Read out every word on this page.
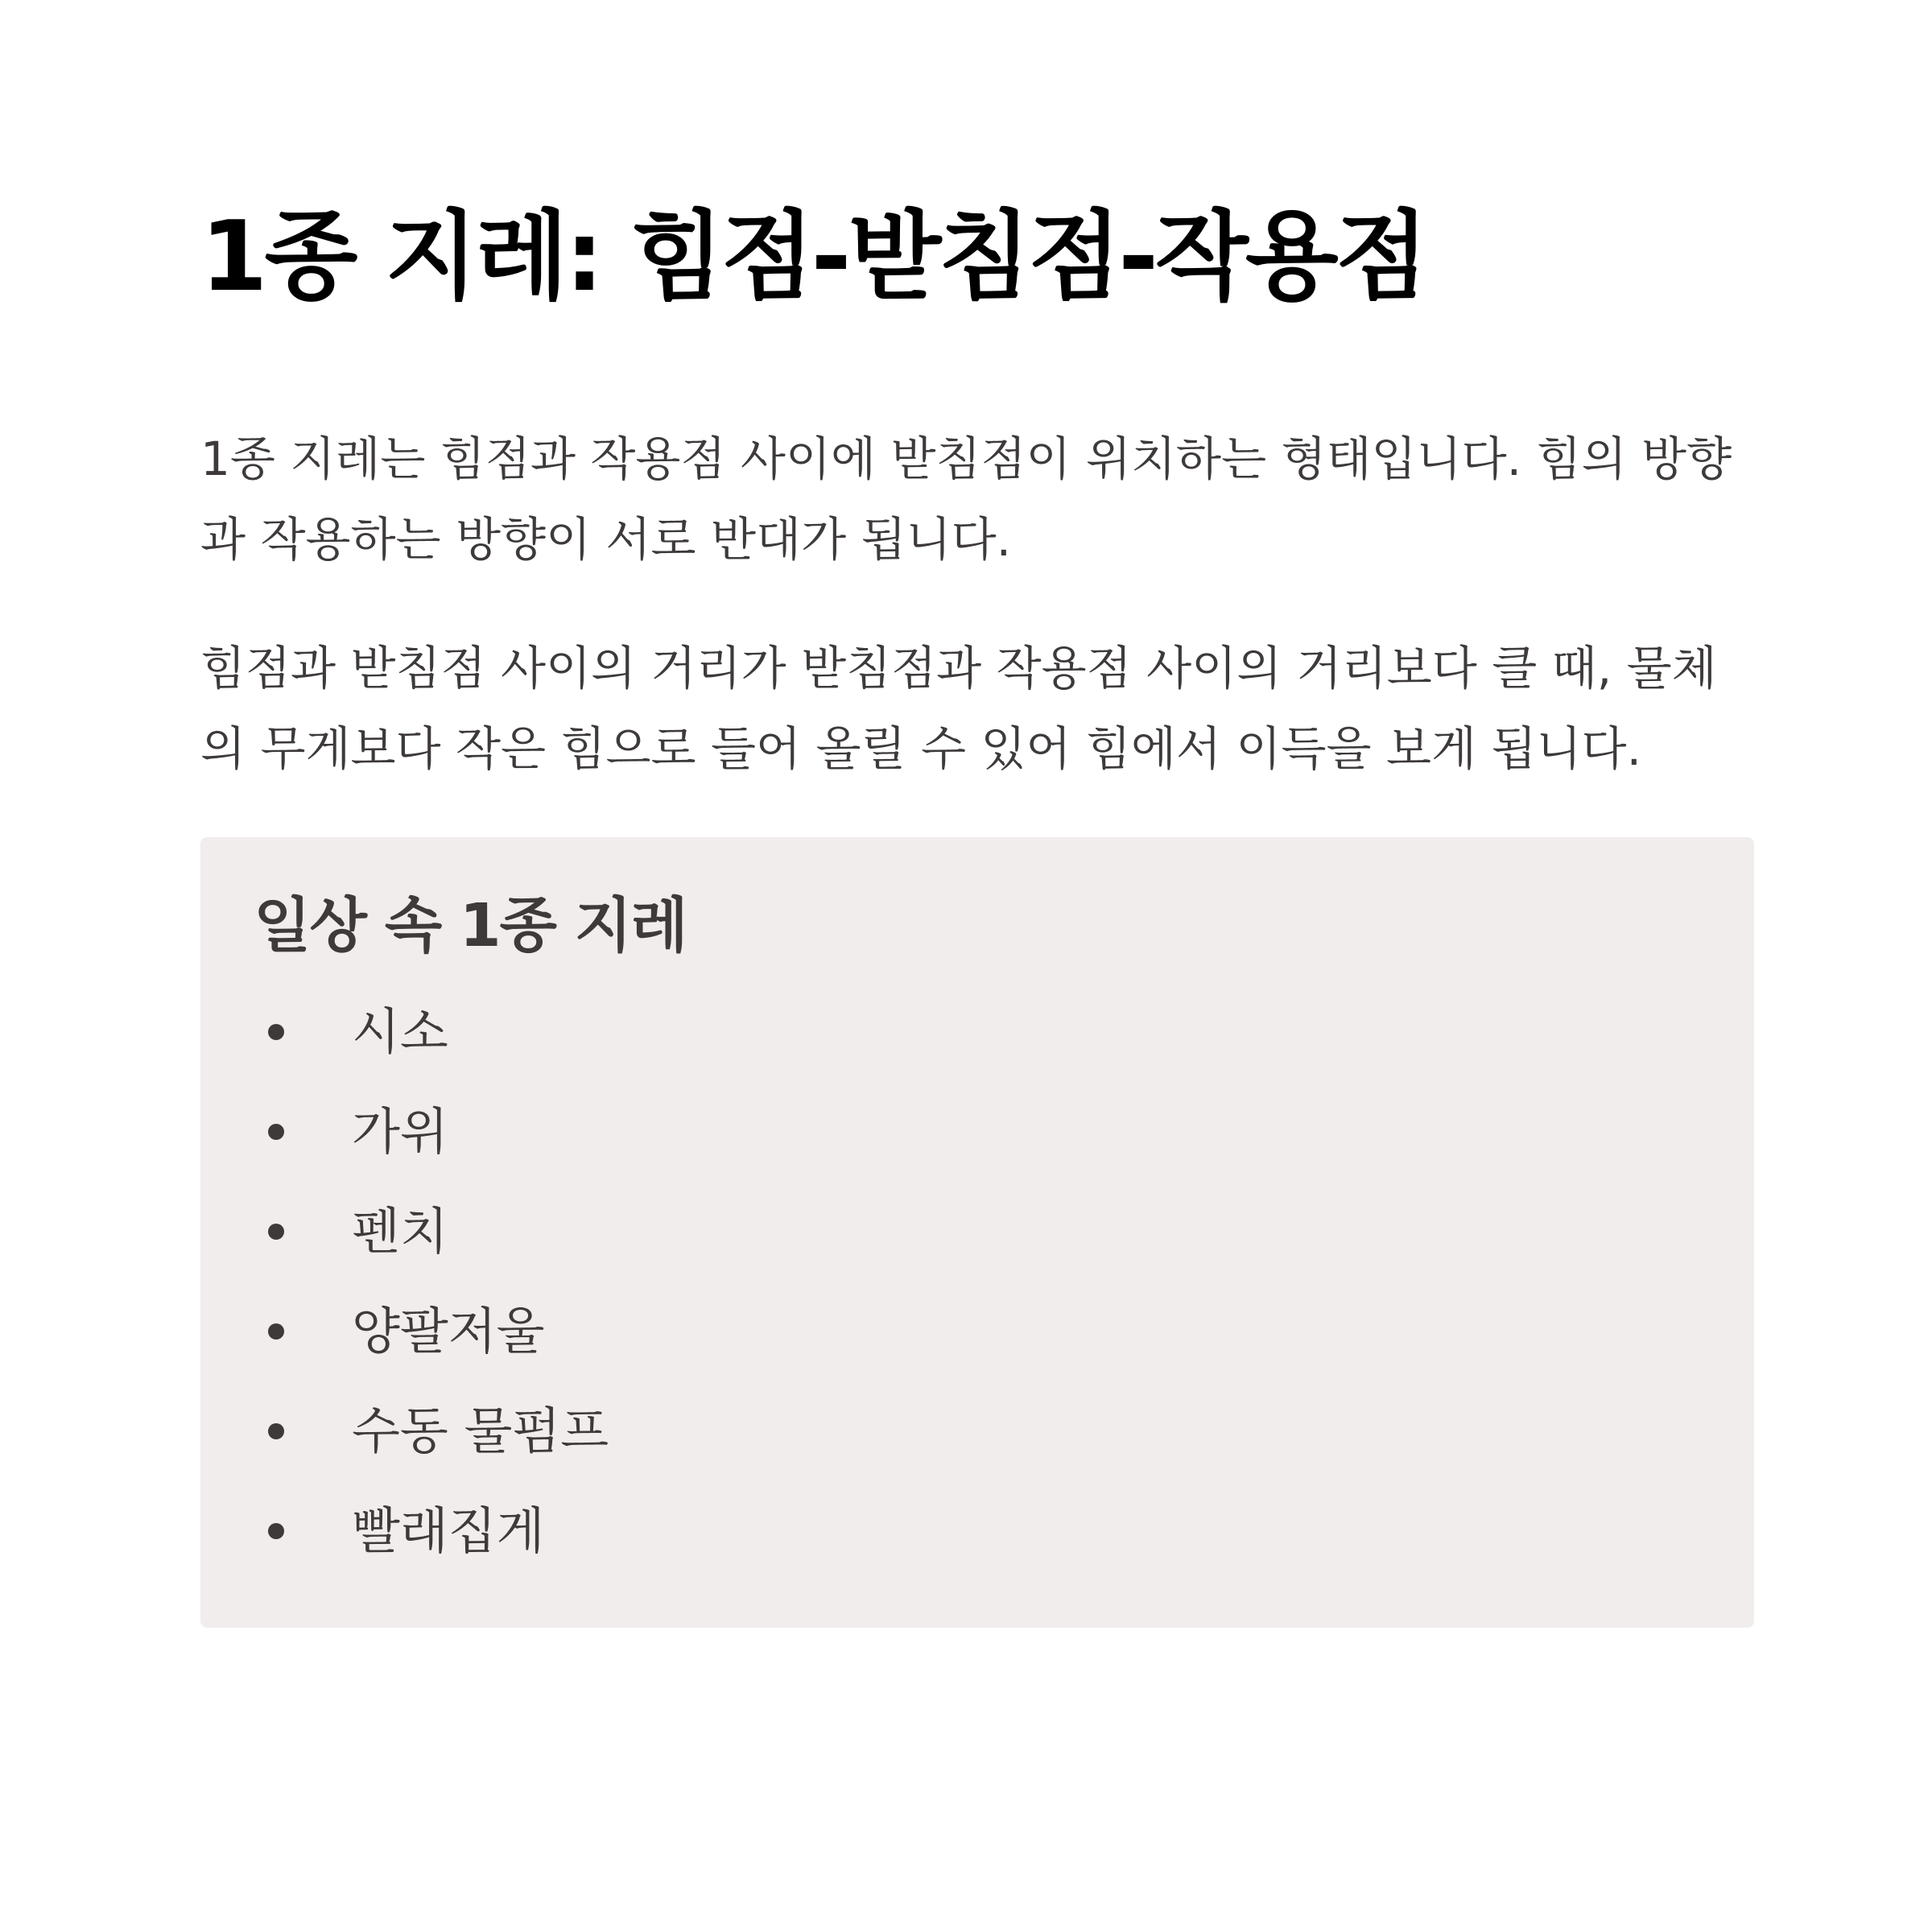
1종 지레: 힘점-받침점-작용점

1종 지레는 힘점과 작용점 사이에 받침점이 위치하는 형태입니다. 힘의 방향과 작용하는 방향이 서로 반대가 됩니다.

힘점과 받침점 사이의 거리가 받침점과 작용점 사이의 거리보다 클 때, 물체의 무게보다 작은 힘으로 들어 올릴 수 있어 힘에서 이득을 보게 됩니다.

일상 속 1종 지레
시소
가위
펜치
양팔저울
수동 물펌프
빨래집게
